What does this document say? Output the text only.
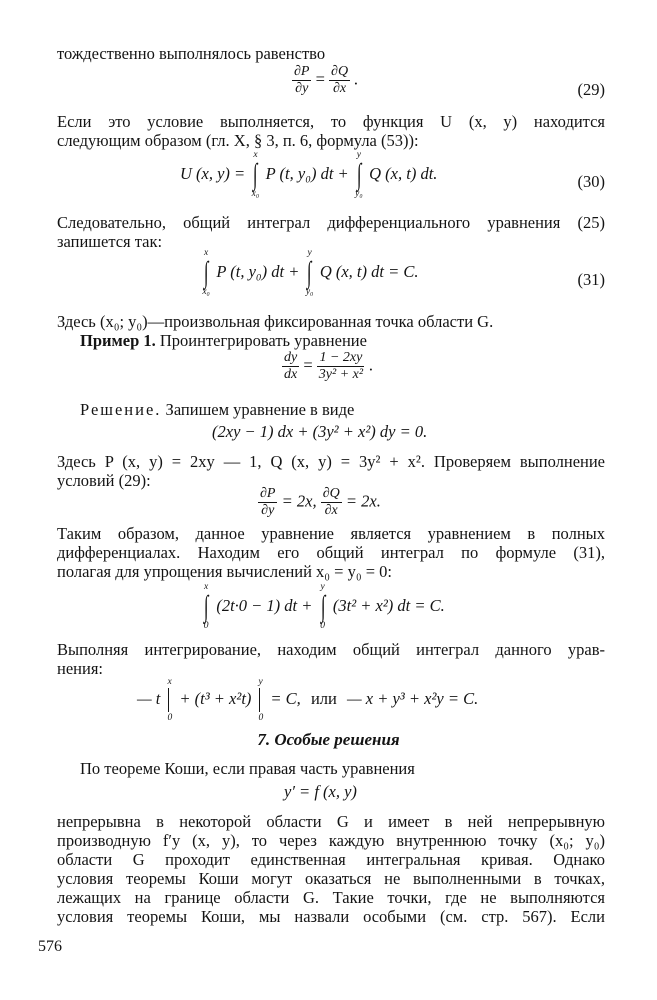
тождественно выполнялось равенство
$\frac{\partial P}{\partial y} = \frac{\partial Q}{\partial x}$ .
(29)
Если это условие выполняется, то функция U (x, y) находится
следующим образом (гл. X, § 3, п. 6, формула (53)):
U (x, y) =
x
∫
x₀
P (t, y₀) dt +
y
∫
y₀
Q (x, t) dt.	(30)
Следовательно, общий интеграл дифференциального уравнения (25)
запишется так:
x
∫
x₀
P (t, y₀) dt +
y
∫
y₀
Q (x, t) dt = C.	(31)
Здесь (x₀; y₀)—произвольная фиксированная точка области G.
Пример 1. Проинтегрировать уравнение
$\frac{dy}{dx} = \frac{1 - 2xy}{\text{3y² + x²}}$ .
Решение. Запишем уравнение в виде
(2xy − 1) dx + (3y² + x²) dy = 0.
Здесь P (x, y) = 2xy — 1, Q (x, y) = 3y² + x². Проверяем выполнение
условий (29):
$\frac{\partial P}{\partial y} = 2x$, $\frac{\partial Q}{\partial x} = 2x$.
Таким образом, данное уравнение является уравнением в полных
дифференциалах. Находим его общий интеграл по формуле (31),
полагая для упрощения вычислений x₀ = y₀ = 0:
x
∫
0
(2t·0 − 1) dt +
y
∫
0
(3t² + x²) dt = C.
Выполняя интегрирование, находим общий интеграл данного урав-
нения:
— t
x
0
+ (t³ + x²t)
y
0
= C, или — x + y³ + x²y = C.
7. Особые решения
По теореме Коши, если правая часть уравнения
y′ = f (x, y)
непрерывна в некоторой области G и имеет в ней непрерывную
производную f′y (x, y), то через каждую внутреннюю точку (x₀; y₀)
области G проходит единственная интегральная кривая. Однако
условия теоремы Коши могут оказаться не выполненными в точках,
лежащих на границе области G. Такие точки, где не выполняются
условия теоремы Коши, мы назвали особыми (см. стр. 567). Если
576
